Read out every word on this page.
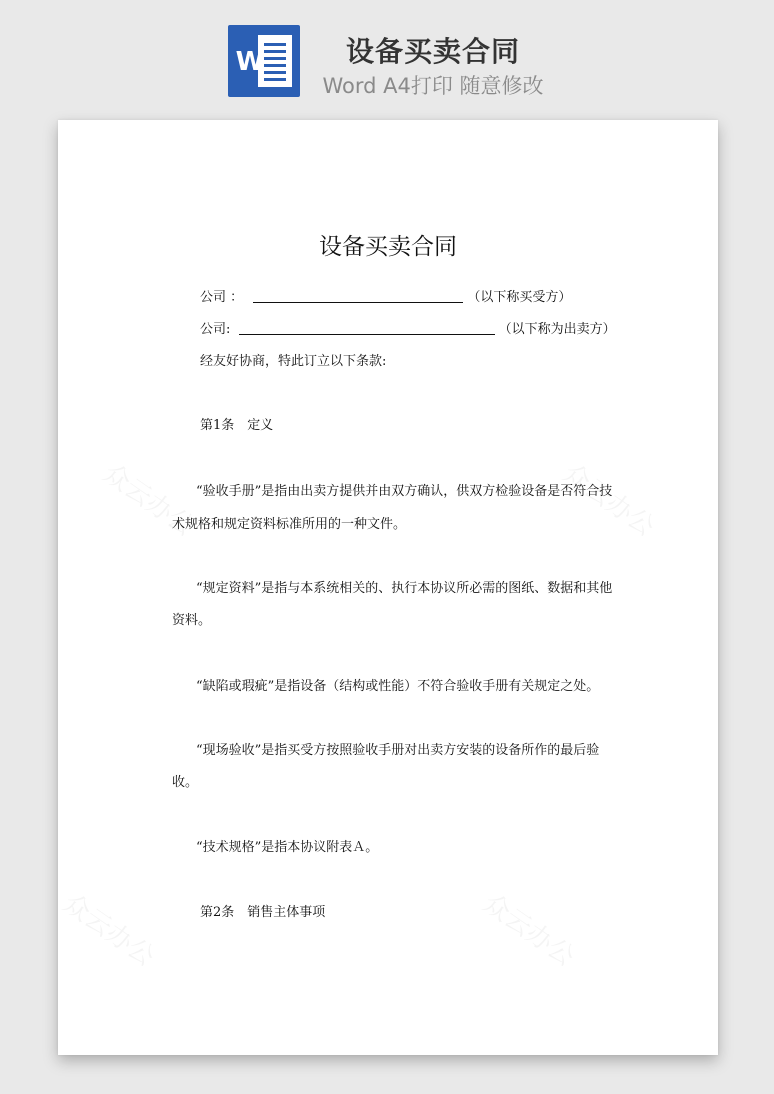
W	设备买卖合同
Word A4打印 随意修改
设备买卖合同
公司 ：	（以下称买受方）
公司:	（以下称为出卖方）
经友好协商，特此订立以下条款:
第1条　定义
“验收手册”是指由出卖方提供并由双方确认，供双方检验设备是否符合技
术规格和规定资料标准所用的一种文件。
“规定资料”是指与本系统相关的、执行本协议所必需的图纸、数据和其他
资料。
“缺陷或瑕疵”是指设备（结构或性能）不符合验收手册有关规定之处。
“现场验收”是指买受方按照验收手册对出卖方安装的设备所作的最后验
收。
“技术规格”是指本协议附表Ａ。
第2条　销售主体事项
